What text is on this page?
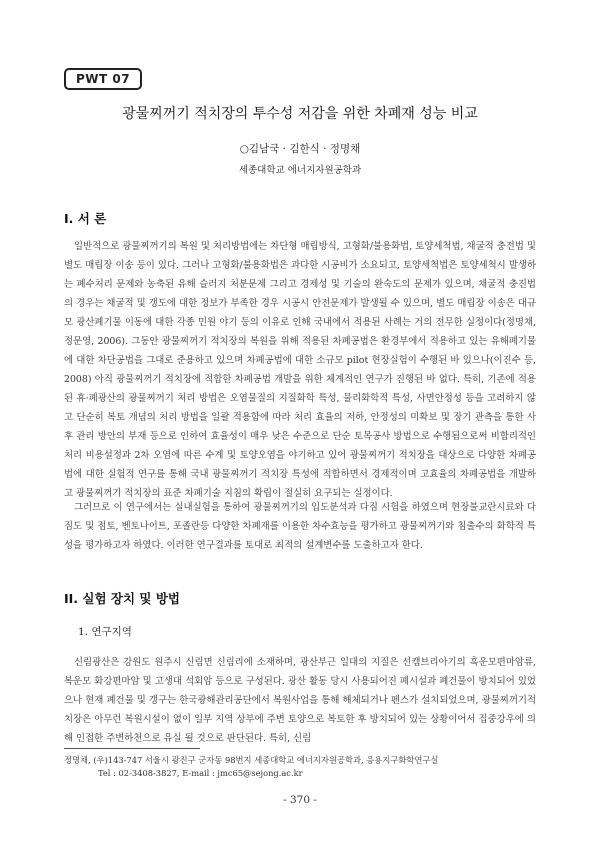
PWT 07
광물찌꺼기 적치장의 투수성 저감을 위한 차폐재 성능 비교
○김남국 · 김한식 · 정명채
세종대학교 에너지자원공학과
I. 서 론

일반적으로 광물찌꺼기의 복원 및 처리방법에는 차단형 매립방식, 고형화/불용화법, 토양세척법, 채굴적 충전법 및 별도 매립장 이송 등이 있다. 그러나 고형화/불용화법은 과다한 시공비가 소요되고, 토양세척법은 토양세척시 발생하는 폐수처리 문제와 농축된 유해 슬러지 처분문제 그리고 경제성 및 기술의 완숙도의 문제가 있으며, 채굴적 충진법의 경우는 채굴적 및 갱도에 대한 정보가 부족한 경우 시공시 안전문제가 발생될 수 있으며, 별도 매립장 이송은 대규모 광산폐기물 이동에 대한 각종 민원 야기 등의 이유로 인해 국내에서 적용된 사례는 거의 전무한 실정이다(정명채, 정문영, 2006). 그동안 광물찌꺼기 적치장의 복원을 위해 적용된 차폐공법은 환경부에서 적용하고 있는 유해폐기물에 대한 차단공법을 그대로 준용하고 있으며 차폐공법에 대한 소규모 pilot 현장실험이 수행된 바 있으나(이진수 등, 2008) 아직 광물찌꺼기 적치장에 적합한 차폐공법 개발을 위한 체계적인 연구가 진행된 바 없다. 특히, 기존에 적용된 휴·폐광산의 광물찌꺼기 처리 방법은 오염물질의 지질화학 특성, 물리화학적 특성, 사면안정성 등을 고려하지 않고 단순히 복토 개념의 처리 방법을 일괄 적용함에 따라 처리 효율의 저하, 안정성의 미확보 및 장기 관측을 통한 사후 관리 방안의 부재 등으로 인하여 효율성이 매우 낮은 수준으로 단순 토목공사 방법으로 수행됨으로써 비합리적인 처리 비용설정과 2차 오염에 따른 수계 및 토양오염을 야기하고 있어 광물찌꺼기 적치장을 대상으로 다양한 차폐공법에 대한 실험적 연구를 통해 국내 광물찌꺼기 적치장 특성에 적합하면서 경제적이며 고효율의 차폐공법을 개발하고 광물찌꺼기 적치장의 표준 차폐기술 지침의 확립이 절실히 요구되는 실정이다.

그러므로 이 연구에서는 실내실험을 통하여 광물찌꺼기의 입도분석과 다짐 시험을 하였으며 현장불교란시료와 다짐도 및 점토, 벤토나이트, 포졸란등 다양한 차폐재를 이용한 차수효능을 평가하고 광물찌꺼기와 침출수의 화학적 특성을 평가하고자 하였다. 이러한 연구결과를 토대로 최적의 설계변수를 도출하고자 한다.

II. 실험 장치 및 방법
1. 연구지역

신림광산은 강원도 원주시 신림면 신림리에 소재하며, 광산부근 일대의 지질은 선캠브리아기의 흑운모편마암류, 복운모 화강편마암 및 고생대 석회암 등으로 구성된다. 광산 활동 당시 사용되어진 폐시설과 폐건물이 방치되어 있었으나 현재 폐건물 및 갱구는 한국광해관리공단에서 복원사업을 통해 해체되거나 펜스가 설치되었으며, 광물찌꺼기적치장은 아무런 복원시설이 없이 일부 지역 상부에 주변 토양으로 복토한 후 방치되어 있는 상황이어서 집중강우에 의해 인접한 주변하천으로 유실 될 것으로 판단된다. 특히, 신림

정명채, (우)143-747 서울시 광진구 군자동 98번지 세종대학교 에너지자원공학과, 응용지구화학연구실
Tel : 02-3408-3827, E-mail : jmc65@sejong.ac.kr
- 370 -
